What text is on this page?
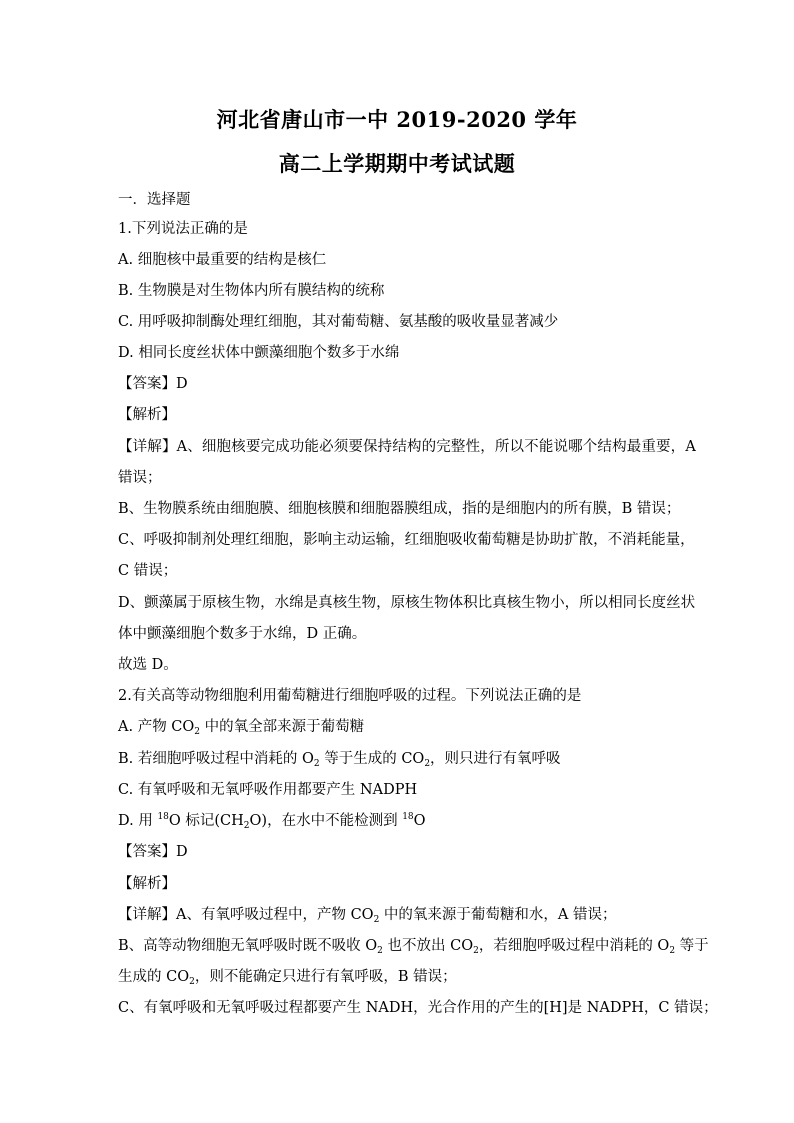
河北省唐山市一中 2019-2020 学年
高二上学期期中考试试题
一．选择题
1.下列说法正确的是
A. 细胞核中最重要的结构是核仁
B. 生物膜是对生物体内所有膜结构的统称
C. 用呼吸抑制酶处理红细胞，其对葡萄糖、氨基酸的吸收量显著减少
D. 相同长度丝状体中颤藻细胞个数多于水绵
【答案】D
【解析】
【详解】A、细胞核要完成功能必须要保持结构的完整性，所以不能说哪个结构最重要，A
错误；
B、生物膜系统由细胞膜、细胞核膜和细胞器膜组成，指的是细胞内的所有膜，B 错误；
C、呼吸抑制剂处理红细胞，影响主动运输，红细胞吸收葡萄糖是协助扩散，不消耗能量，
C 错误；
D、颤藻属于原核生物，水绵是真核生物，原核生物体积比真核生物小，所以相同长度丝状
体中颤藻细胞个数多于水绵，D 正确。
故选 D。
2.有关高等动物细胞利用葡萄糖进行细胞呼吸的过程。下列说法正确的是
A. 产物 $CO_2$ 中的氧全部来源于葡萄糖
B. 若细胞呼吸过程中消耗的 $O_2$ 等于生成的 $CO_2$，则只进行有氧呼吸
C. 有氧呼吸和无氧呼吸作用都要产生 NADPH
D. 用 $^{18}$O 标记$(CH_2O)$，在水中不能检测到 $^{18}$O
【答案】D
【解析】
【详解】A、有氧呼吸过程中，产物 $CO_2$ 中的氧来源于葡萄糖和水，A 错误；
B、高等动物细胞无氧呼吸时既不吸收 $O_2$ 也不放出 $CO_2$，若细胞呼吸过程中消耗的 $O_2$ 等于
生成的 $CO_2$，则不能确定只进行有氧呼吸，B 错误；
C、有氧呼吸和无氧呼吸过程都要产生 NADH，光合作用的产生的[H]是 NADPH，C 错误；
